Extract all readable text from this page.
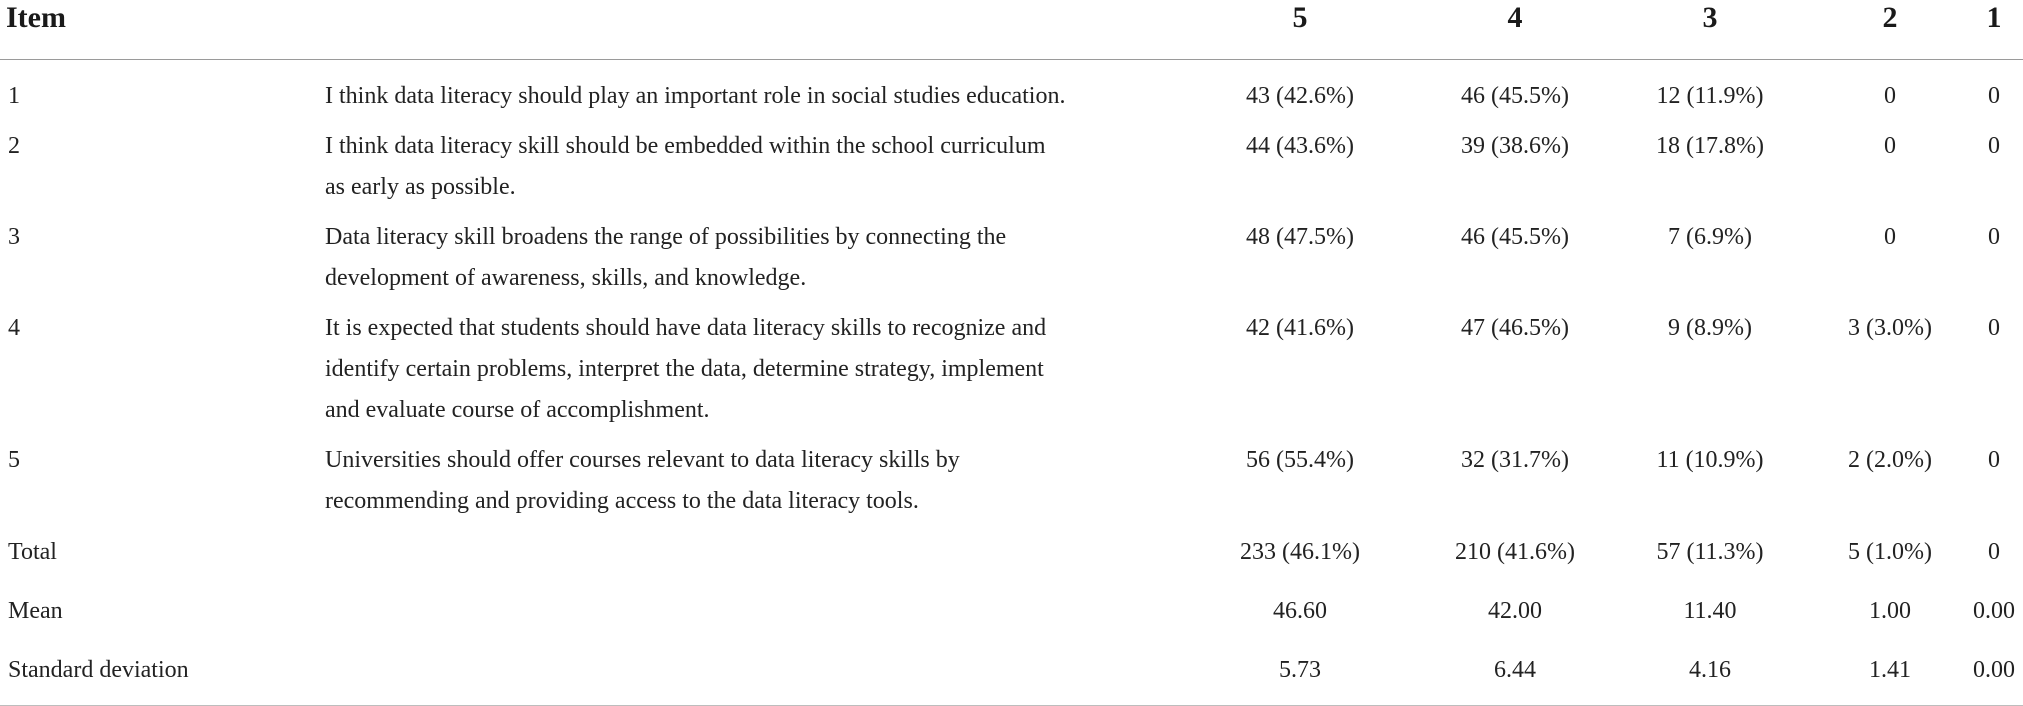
Item		5	4	3	2	1
1	I think data literacy should play an important role in social studies education.	43 (42.6%)	46 (45.5%)	12 (11.9%)	0	0
2	I think data literacy skill should be embedded within the school curriculum
as early as possible.	44 (43.6%)	39 (38.6%)	18 (17.8%)	0	0
3	Data literacy skill broadens the range of possibilities by connecting the
development of awareness, skills, and knowledge.	48 (47.5%)	46 (45.5%)	7 (6.9%)	0	0
4	It is expected that students should have data literacy skills to recognize and
identify certain problems, interpret the data, determine strategy, implement
and evaluate course of accomplishment.	42 (41.6%)	47 (46.5%)	9 (8.9%)	3 (3.0%)	0
5	Universities should offer courses relevant to data literacy skills by
recommending and providing access to the data literacy tools.	56 (55.4%)	32 (31.7%)	11 (10.9%)	2 (2.0%)	0
Total		233 (46.1%)	210 (41.6%)	57 (11.3%)	5 (1.0%)	0
Mean		46.60	42.00	11.40	1.00	0.00
Standard deviation		5.73	6.44	4.16	1.41	0.00
